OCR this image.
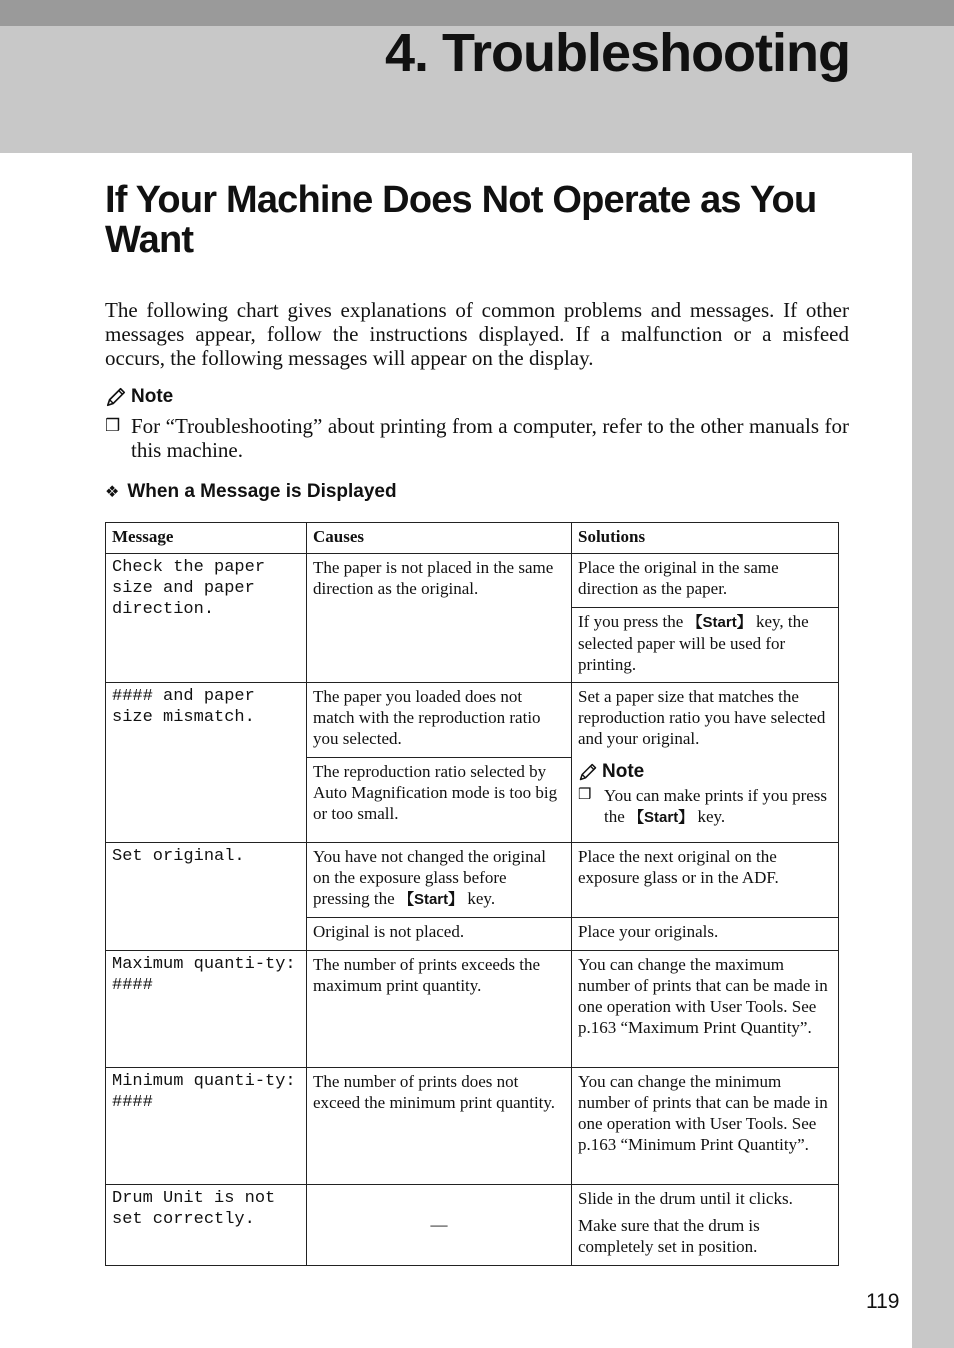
4. Troubleshooting
If Your Machine Does Not Operate as You Want

The following chart gives explanations of common problems and messages. If other messages appear, follow the instructions displayed. If a malfunction or a misfeed occurs, the following messages will appear on the display.

Note
❒ For “Troubleshooting” about printing from a computer, refer to the other manuals for this machine.
❖ When a Message is Displayed
Message	Causes	Solutions
Check the paper size and paper direction.	The paper is not placed in the same direction as the original.	Place the original in the same direction as the paper.
		If you press the 【Start】 key, the selected paper will be used for printing.
#### and paper size mismatch.	The paper you loaded does not match with the reproduction ratio you selected.	Set a paper size that matches the reproduction ratio you have selected and your original.
Note
❒ You can make prints if you press the 【Start】 key.

	The reproduction ratio selected by Auto Magnification mode is too big or too small.	
Set original.	You have not changed the original on the exposure glass before pressing the 【Start】 key.	Place the next original on the exposure glass or in the ADF.
	Original is not placed.	Place your originals.
Maximum quanti-ty: ####	The number of prints exceeds the maximum print quantity.	You can change the maximum number of prints that can be made in one operation with User Tools. See p.163 “Maximum Print Quantity”.
Minimum quanti-ty: ####	The number of prints does not exceed the minimum print quantity.	You can change the minimum number of prints that can be made in one operation with User Tools. See p.163 “Minimum Print Quantity”.
Drum Unit is not set correctly.	—	Slide in the drum until it clicks.
Make sure that the drum is completely set in position.
119
